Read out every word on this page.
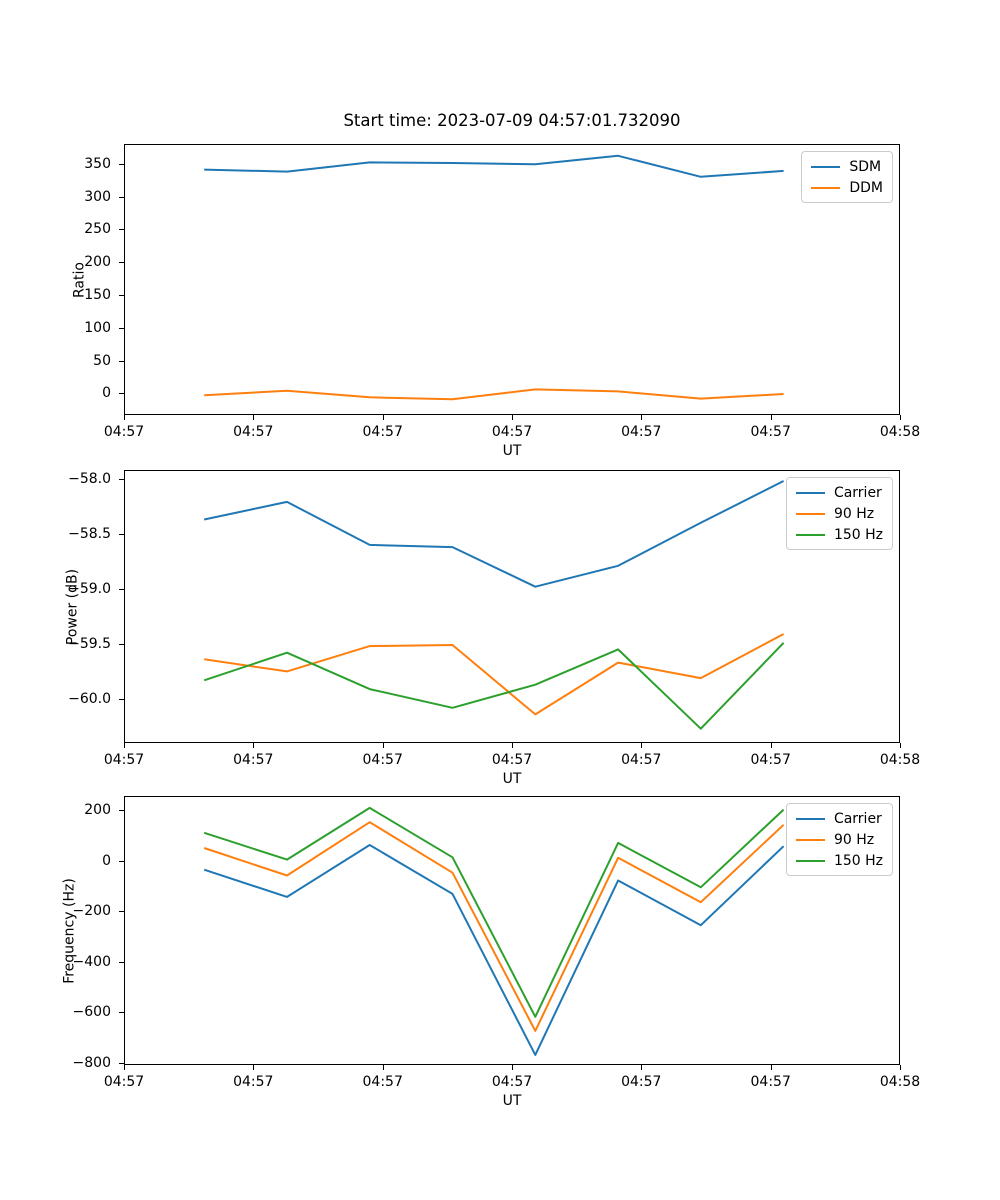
Start time: 2023-07-09 04:57:01.732090
SDM
DDM
350
300
250
200
150
100
50
0
04:57	04:57	04:57	04:57	04:57	04:57	04:58
UT
Ratio
Carrier
90 Hz
150 Hz
−58.0
−58.5
−59.0
−59.5
−60.0
04:57	04:57	04:57	04:57	04:57	04:57	04:58
UT
Power (dB)
Carrier
90 Hz
150 Hz
200
0
−200
−400
−600
−800
04:57	04:57	04:57	04:57	04:57	04:57	04:58
UT
Frequency (Hz)
